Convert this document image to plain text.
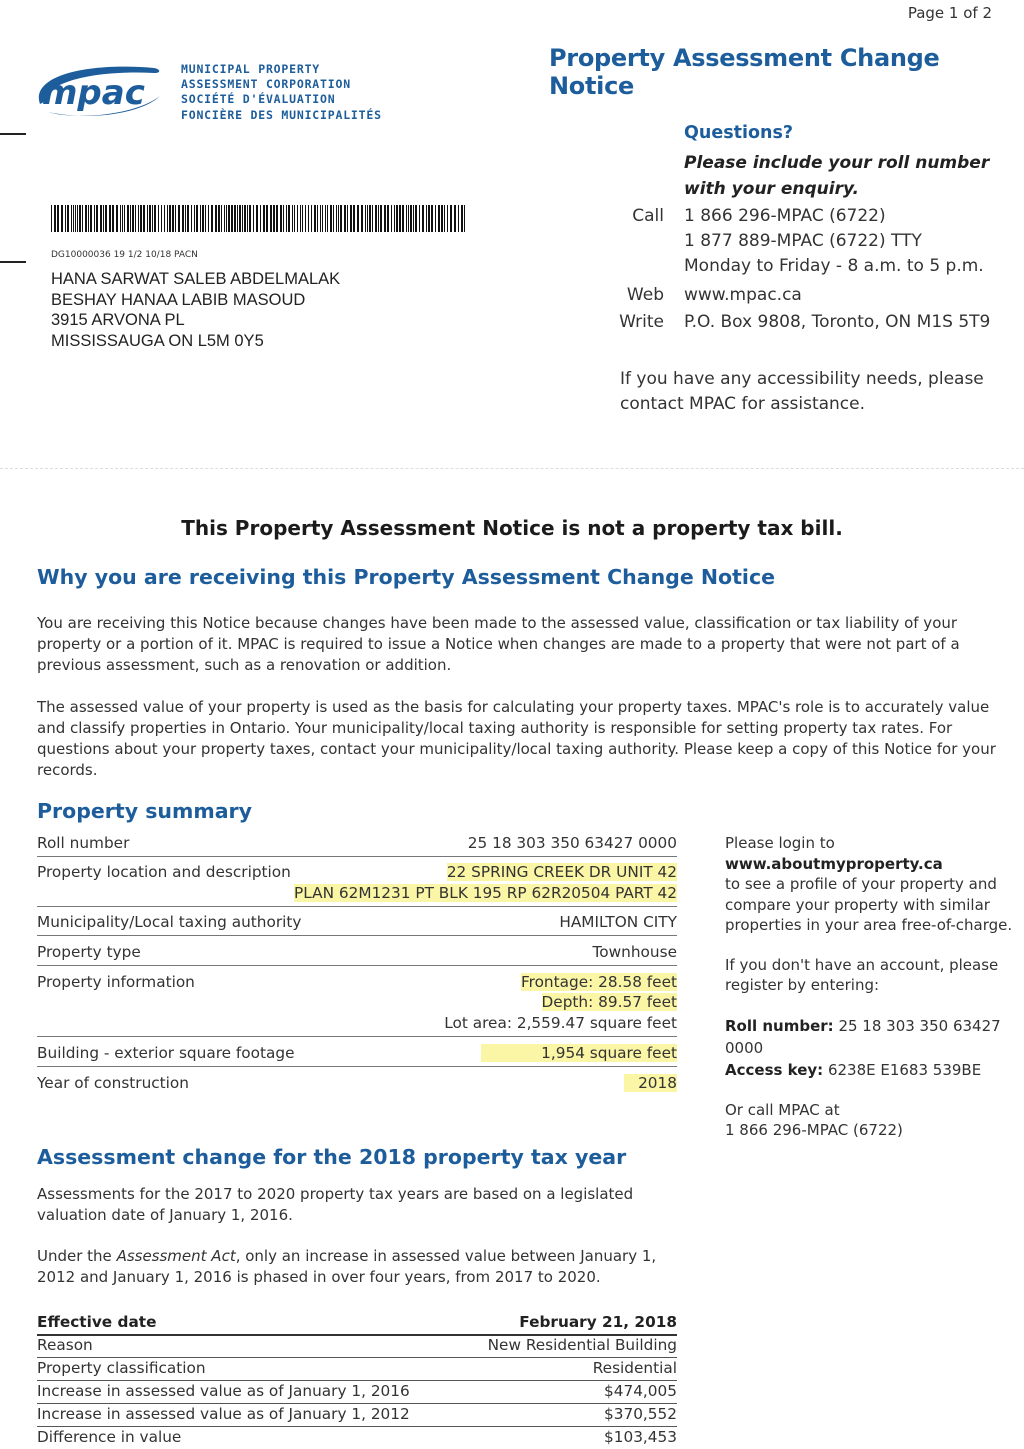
Page 1 of 2
mpac
MUNICIPAL PROPERTY
ASSESSMENT CORPORATION
SOCIÉTÉ D'ÉVALUATION
FONCIÈRE DES MUNICIPALITÉS
Property Assessment Change Notice
Questions?
Please include your roll number with your enquiry.
Call 1 866 296-MPAC (6722)
1 877 889-MPAC (6722) TTY
Monday to Friday - 8 a.m. to 5 p.m.
Web www.mpac.ca
Write P.O. Box 9808, Toronto, ON M1S 5T9
If you have any accessibility needs, please contact MPAC for assistance.
DG10000036 19 1/2 10/18 PACN
HANA SARWAT SALEB ABDELMALAK
BESHAY HANAA LABIB MASOUD
3915 ARVONA PL
MISSISSAUGA ON L5M 0Y5
This Property Assessment Notice is not a property tax bill.
Why you are receiving this Property Assessment Change Notice
You are receiving this Notice because changes have been made to the assessed value, classification or tax liability of your property or a portion of it. MPAC is required to issue a Notice when changes are made to a property that were not part of a previous assessment, such as a renovation or addition.
The assessed value of your property is used as the basis for calculating your property taxes. MPAC's role is to accurately value and classify properties in Ontario. Your municipality/local taxing authority is responsible for setting property tax rates. For questions about your property taxes, contact your municipality/local taxing authority. Please keep a copy of this Notice for your records.
Property summary
Roll number	25 18 303 350 63427 0000
Property location and description	22 SPRING CREEK DR UNIT 42
PLAN 62M1231 PT BLK 195 RP 62R20504 PART 42
Municipality/Local taxing authority	HAMILTON CITY
Property type	Townhouse
Property information	Frontage: 28.58 feet
Depth: 89.57 feet
Lot area: 2,559.47 square feet
Building - exterior square footage	1,954 square feet
Year of construction	2018

Please login to
www.aboutmyproperty.ca
to see a profile of your property and compare your property with similar properties in your area free-of-charge.

If you don't have an account, please register by entering:

Roll number: 25 18 303 350 63427 0000
Access key: 6238E E1683 539BE

Or call MPAC at
1 866 296-MPAC (6722)

Assessment change for the 2018 property tax year
Assessments for the 2017 to 2020 property tax years are based on a legislated valuation date of January 1, 2016.
Under the Assessment Act, only an increase in assessed value between January 1, 2012 and January 1, 2016 is phased in over four years, from 2017 to 2020.
Effective date	February 21, 2018
Reason	New Residential Building
Property classification	Residential
Increase in assessed value as of January 1, 2016	$474,005
Increase in assessed value as of January 1, 2012	$370,552
Difference in value	$103,453
